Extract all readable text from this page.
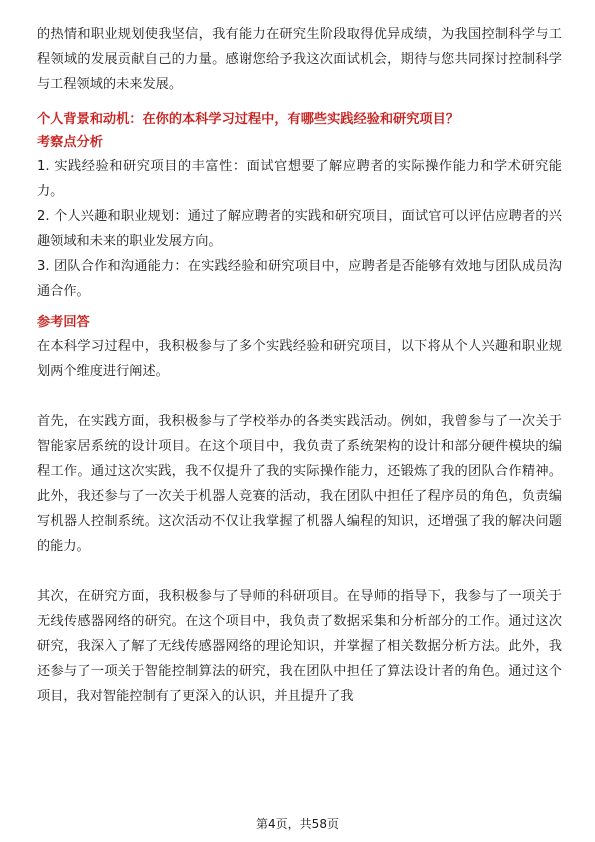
的热情和职业规划使我坚信，我有能力在研究生阶段取得优异成绩，为我国控制科学与工程领域的发展贡献自己的力量。感谢您给予我这次面试机会，期待与您共同探讨控制科学与工程领域的未来发展。

个人背景和动机：在你的本科学习过程中，有哪些实践经验和研究项目？

考察点分析

1. 实践经验和研究项目的丰富性：面试官想要了解应聘者的实际操作能力和学术研究能力。

2. 个人兴趣和职业规划：通过了解应聘者的实践和研究项目，面试官可以评估应聘者的兴趣领域和未来的职业发展方向。

3. 团队合作和沟通能力：在实践经验和研究项目中，应聘者是否能够有效地与团队成员沟通合作。

参考回答

在本科学习过程中，我积极参与了多个实践经验和研究项目，以下将从个人兴趣和职业规划两个维度进行阐述。

首先，在实践方面，我积极参与了学校举办的各类实践活动。例如，我曾参与了一次关于智能家居系统的设计项目。在这个项目中，我负责了系统架构的设计和部分硬件模块的编程工作。通过这次实践，我不仅提升了我的实际操作能力，还锻炼了我的团队合作精神。此外，我还参与了一次关于机器人竞赛的活动，我在团队中担任了程序员的角色，负责编写机器人控制系统。这次活动不仅让我掌握了机器人编程的知识，还增强了我的解决问题的能力。

其次，在研究方面，我积极参与了导师的科研项目。在导师的指导下，我参与了一项关于无线传感器网络的研究。在这个项目中，我负责了数据采集和分析部分的工作。通过这次研究，我深入了解了无线传感器网络的理论知识，并掌握了相关数据分析方法。此外，我还参与了一项关于智能控制算法的研究，我在团队中担任了算法设计者的角色。通过这个项目，我对智能控制有了更深入的认识，并且提升了我

第4页，共58页
